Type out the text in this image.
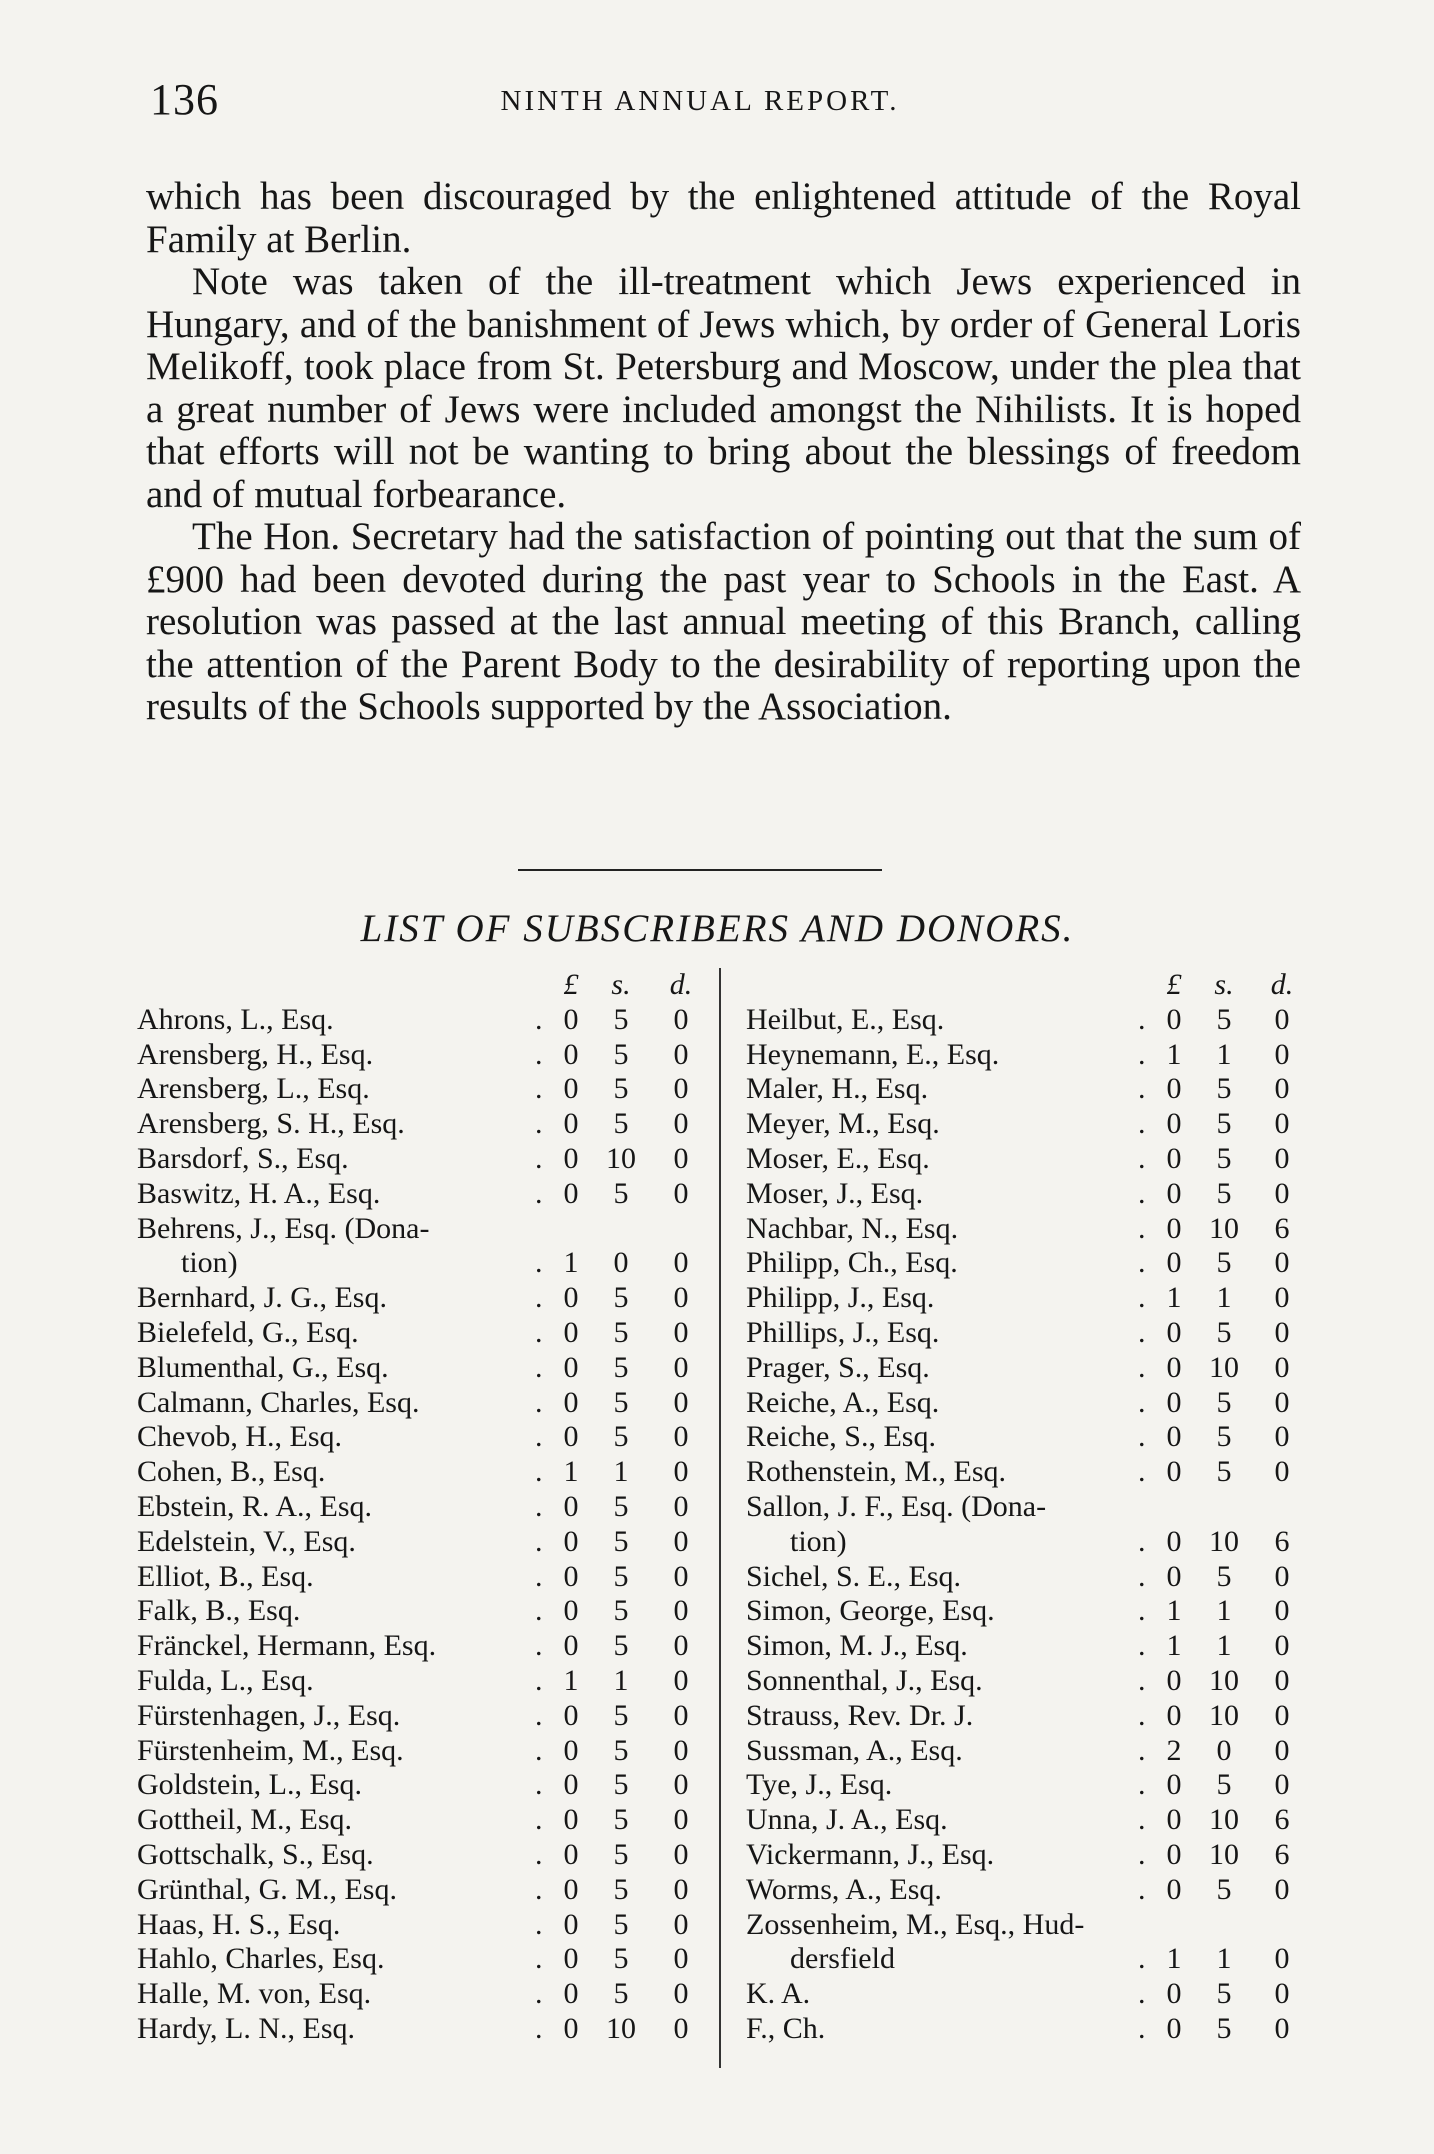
136	NINTH ANNUAL REPORT.

which has been discouraged by the enlightened attitude of the Royal Family at Berlin.

Note was taken of the ill-treatment which Jews experienced in Hungary, and of the banishment of Jews which, by order of General Loris Melikoff, took place from St. Petersburg and Moscow, under the plea that a great number of Jews were included amongst the Nihilists. It is hoped that efforts will not be wanting to bring about the blessings of freedom and of mutual forbearance.

The Hon. Secretary had the satisfaction of pointing out that the sum of £900 had been devoted during the past year to Schools in the East. A resolution was passed at the last annual meeting of this Branch, calling the attention of the Parent Body to the desirability of reporting upon the results of the Schools supported by the Association.

LIST OF SUBSCRIBERS AND DONORS.
£	s.	d.
Ahrons, L., Esq.	. 0	5	0
Arensberg, H., Esq.	. 0	5	0
Arensberg, L., Esq.	. 0	5	0
Arensberg, S. H., Esq.	. 0	5	0
Barsdorf, S., Esq.	. 0 10	0
Baswitz, H. A., Esq.	. 0	5	0
Behrens, J., Esq. (Dona-
tion)	. 1	0	0
Bernhard, J. G., Esq.	. 0	5	0
Bielefeld, G., Esq.	. 0	5	0
Blumenthal, G., Esq.	. 0	5	0
Calmann, Charles, Esq.	. 0	5	0
Chevob, H., Esq.	. 0	5	0
Cohen, B., Esq.	. 1	1	0
Ebstein, R. A., Esq.	. 0	5	0
Edelstein, V., Esq.	. 0	5	0
Elliot, B., Esq.	. 0	5	0
Falk, B., Esq.	. 0	5	0
Fränckel, Hermann, Esq.	. 0	5	0
Fulda, L., Esq.	. 1	1	0
Fürstenhagen, J., Esq.	. 0	5	0
Fürstenheim, M., Esq.	. 0	5	0
Goldstein, L., Esq.	. 0	5	0
Gottheil, M., Esq.	. 0	5	0
Gottschalk, S., Esq.	. 0	5	0
Grünthal, G. M., Esq.	. 0	5	0
Haas, H. S., Esq.	. 0	5	0
Hahlo, Charles, Esq.	. 0	5	0
Halle, M. von, Esq.	. 0	5	0
Hardy, L. N., Esq.	. 0 10	0
£	s.	d.
Heilbut, E., Esq.	. 0	5	0
Heynemann, E., Esq.	. 1	1	0
Maler, H., Esq.	. 0	5	0
Meyer, M., Esq.	. 0	5	0
Moser, E., Esq.	. 0	5	0
Moser, J., Esq.	. 0	5	0
Nachbar, N., Esq.	. 0 10	6
Philipp, Ch., Esq.	. 0	5	0
Philipp, J., Esq.	. 1	1	0
Phillips, J., Esq.	. 0	5	0
Prager, S., Esq.	. 0 10	0
Reiche, A., Esq.	. 0	5	0
Reiche, S., Esq.	. 0	5	0
Rothenstein, M., Esq.	. 0	5	0
Sallon, J. F., Esq. (Dona-
tion)	. 0 10	6
Sichel, S. E., Esq.	. 0	5	0
Simon, George, Esq.	. 1	1	0
Simon, M. J., Esq.	. 1	1	0
Sonnenthal, J., Esq.	. 0 10	0
Strauss, Rev. Dr. J.	. 0 10	0
Sussman, A., Esq.	. 2	0	0
Tye, J., Esq.	. 0	5	0
Unna, J. A., Esq.	. 0 10	6
Vickermann, J., Esq.	. 0 10	6
Worms, A., Esq.	. 0	5	0
Zossenheim, M., Esq., Hud-
dersfield	. 1	1	0
K. A.	. 0	5	0
F., Ch.	. 0	5	0
